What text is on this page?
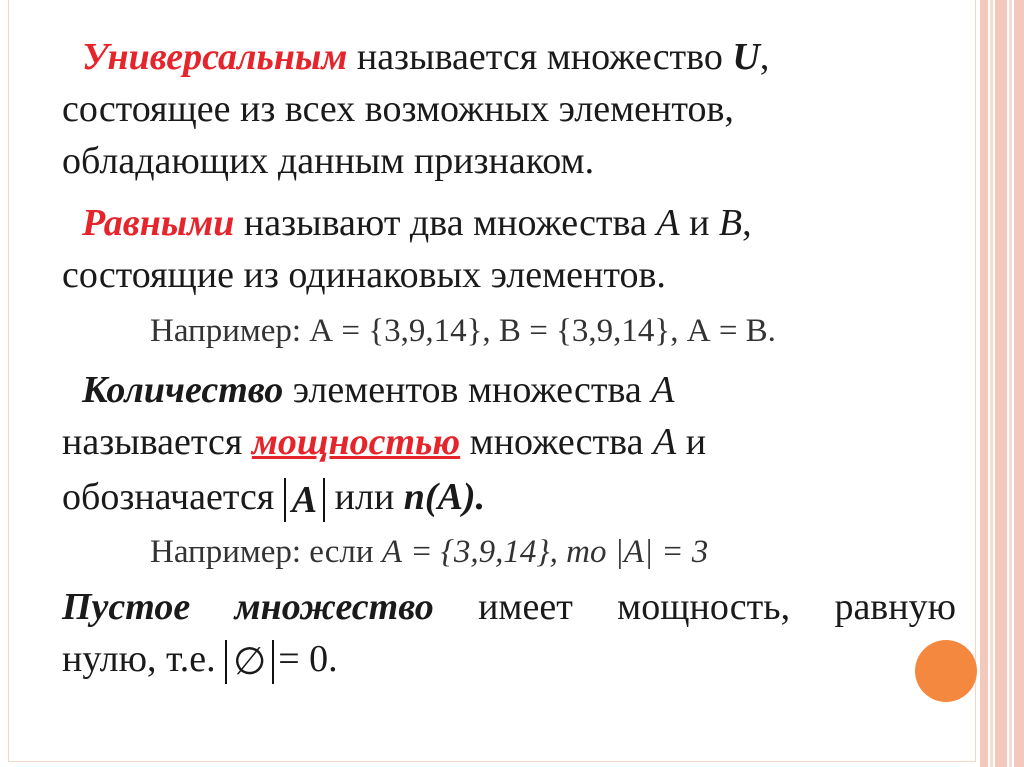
Универсальным называется множество U,
состоящее из всех возможных элементов,
обладающих данным признаком.
Равными называют два множества А и В,
состоящие из одинаковых элементов.
Например: А = {3,9,14}, В = {3,9,14}, А = В.
Количество элементов множества А
называется мощностью множества А и
обозначается A или n(A).
Например: если А = {3,9,14}, то |А| = 3
Пустое множество имеет мощность, равную
нулю, т.е. ∅ = 0.
